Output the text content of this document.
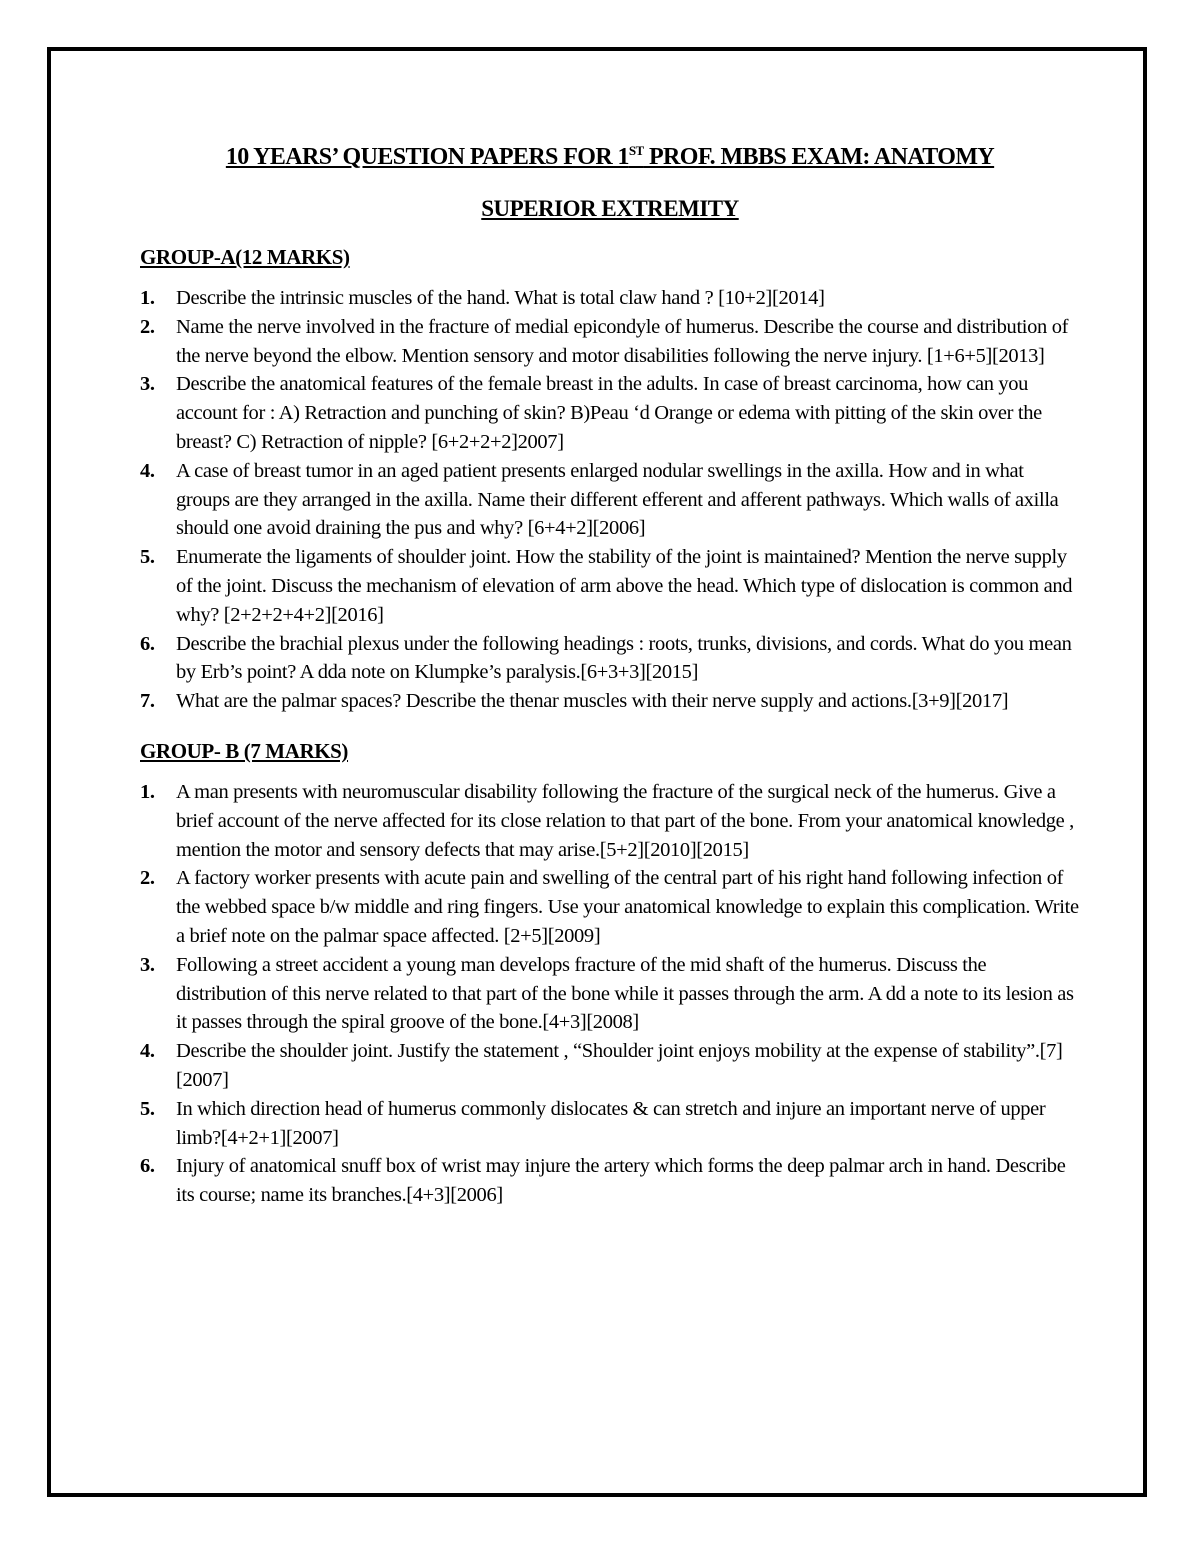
10 YEARS’ QUESTION PAPERS FOR 1ST PROF. MBBS EXAM: ANATOMY
SUPERIOR EXTREMITY
GROUP-A(12 MARKS)
1. Describe the intrinsic muscles of the hand. What is total claw hand ? [10+2][2014]
2. Name the nerve involved in the fracture of medial epicondyle of humerus. Describe the course and distribution of the nerve beyond the elbow. Mention sensory and motor disabilities following the nerve injury. [1+6+5][2013]
3. Describe the anatomical features of the female breast in the adults. In case of breast carcinoma, how can you account for : A) Retraction and punching of skin? B)Peau ‘d Orange or edema with pitting of the skin over the breast? C) Retraction of nipple? [6+2+2+2]2007]
4. A case of breast tumor in an aged patient presents enlarged nodular swellings in the axilla. How and in what groups are they arranged in the axilla. Name their different efferent and afferent pathways. Which walls of axilla should one avoid draining the pus and why? [6+4+2][2006]
5. Enumerate the ligaments of shoulder joint. How the stability of the joint is maintained? Mention the nerve supply of the joint. Discuss the mechanism of elevation of arm above the head. Which type of dislocation is common and why? [2+2+2+4+2][2016]
6. Describe the brachial plexus under the following headings : roots, trunks, divisions, and cords. What do you mean by Erb’s point? A dda note on Klumpke’s paralysis.[6+3+3][2015]
7. What are the palmar spaces? Describe the thenar muscles with their nerve supply and actions.[3+9][2017]
GROUP- B (7 MARKS)
1. A man presents with neuromuscular disability following the fracture of the surgical neck of the humerus. Give a brief account of the nerve affected for its close relation to that part of the bone. From your anatomical knowledge , mention the motor and sensory defects that may arise.[5+2][2010][2015]
2. A factory worker presents with acute pain and swelling of the central part of his right hand following infection of the webbed space b/w middle and ring fingers. Use your anatomical knowledge to explain this complication. Write a brief note on the palmar space affected. [2+5][2009]
3. Following a street accident a young man develops fracture of the mid shaft of the humerus. Discuss the distribution of this nerve related to that part of the bone while it passes through the arm. A dd a note to its lesion as it passes through the spiral groove of the bone.[4+3][2008]
4. Describe the shoulder joint. Justify the statement , “Shoulder joint enjoys mobility at the expense of stability”.[7][2007]
5. In which direction head of humerus commonly dislocates & can stretch and injure an important nerve of upper limb?[4+2+1][2007]
6. Injury of anatomical snuff box of wrist may injure the artery which forms the deep palmar arch in hand. Describe its course; name its branches.[4+3][2006]
